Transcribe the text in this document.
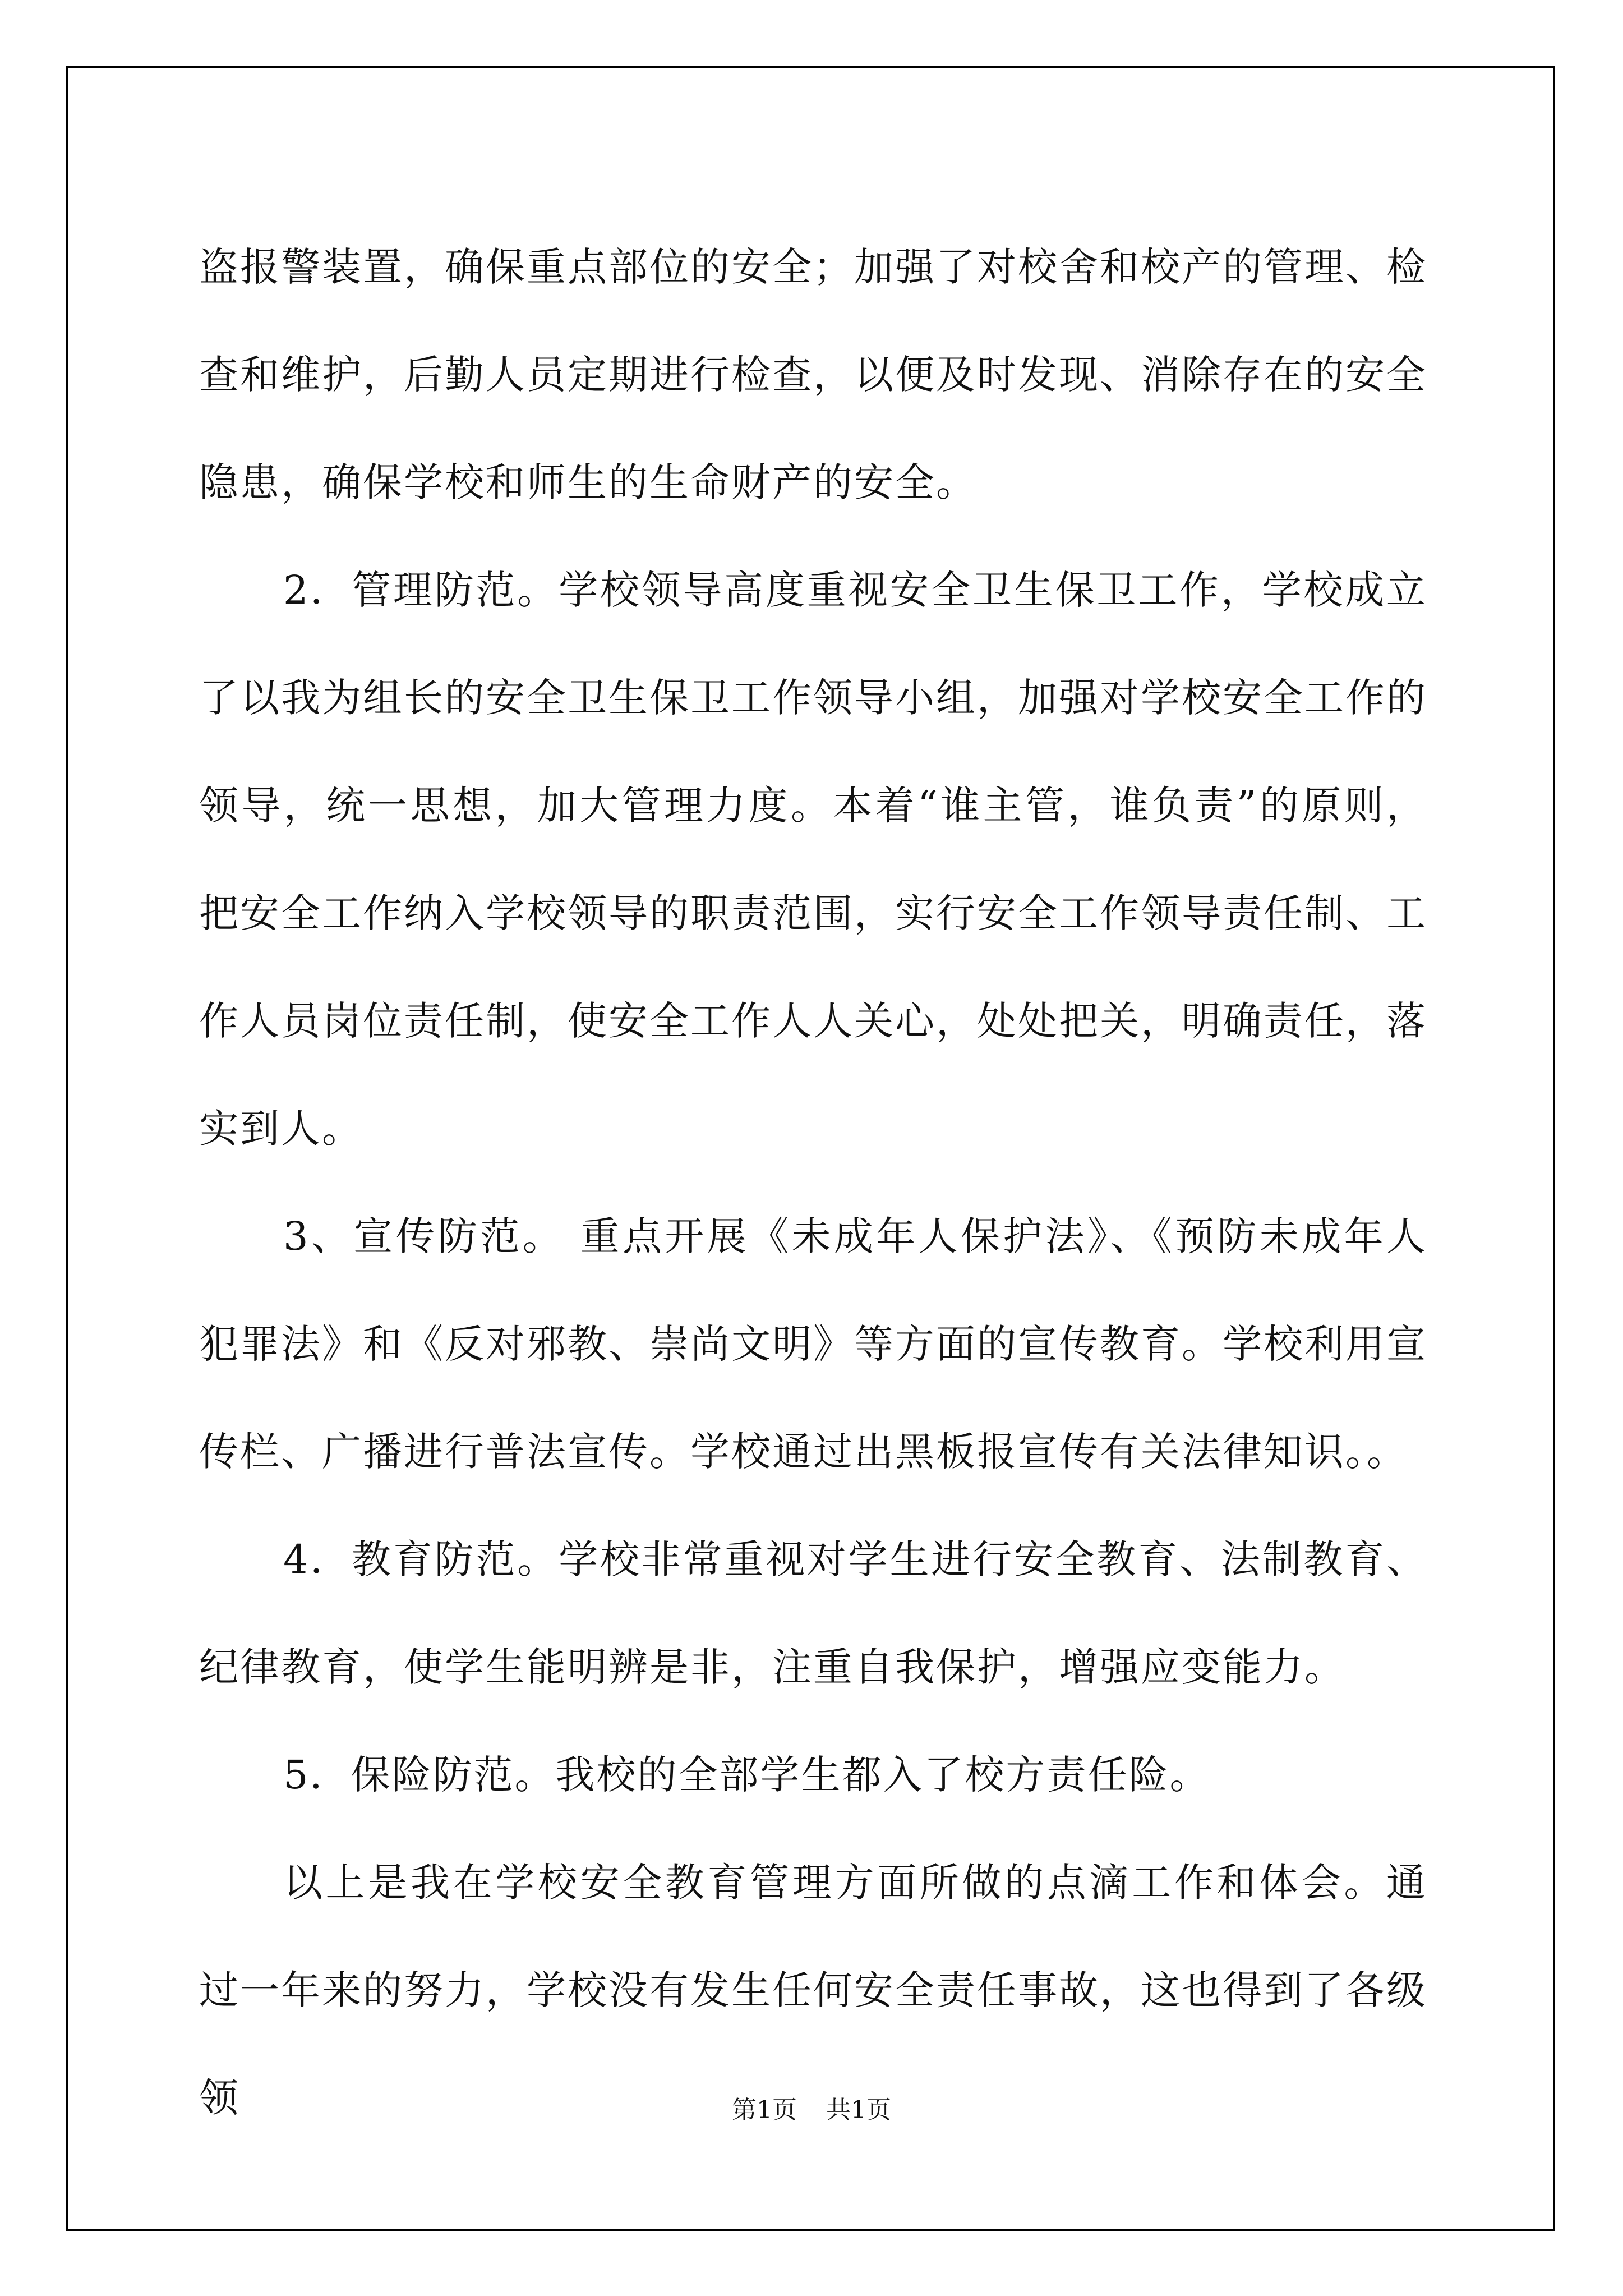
盗报警装置，确保重点部位的安全；加强了对校舍和校产的管理、检查和维护，后勤人员定期进行检查，以便及时发现、消除存在的安全隐患，确保学校和师生的生命财产的安全。

2．管理防范。学校领导高度重视安全卫生保卫工作，学校成立了以我为组长的安全卫生保卫工作领导小组，加强对学校安全工作的领导，统一思想，加大管理力度。本着“谁主管，谁负责”的原则，把安全工作纳入学校领导的职责范围，实行安全工作领导责任制、工作人员岗位责任制，使安全工作人人关心，处处把关，明确责任，落实到人。

3、宣传防范。 重点开展《未成年人保护法》、《预防未成年人犯罪法》和《反对邪教、崇尚文明》等方面的宣传教育。学校利用宣传栏、广播进行普法宣传。学校通过出黑板报宣传有关法律知识。。

4．教育防范。学校非常重视对学生进行安全教育、法制教育、纪律教育，使学生能明辨是非，注重自我保护，增强应变能力。

5．保险防范。我校的全部学生都入了校方责任险。

以上是我在学校安全教育管理方面所做的点滴工作和体会。通过一年来的努力，学校没有发生任何安全责任事故，这也得到了各级领	第1页 共1页
